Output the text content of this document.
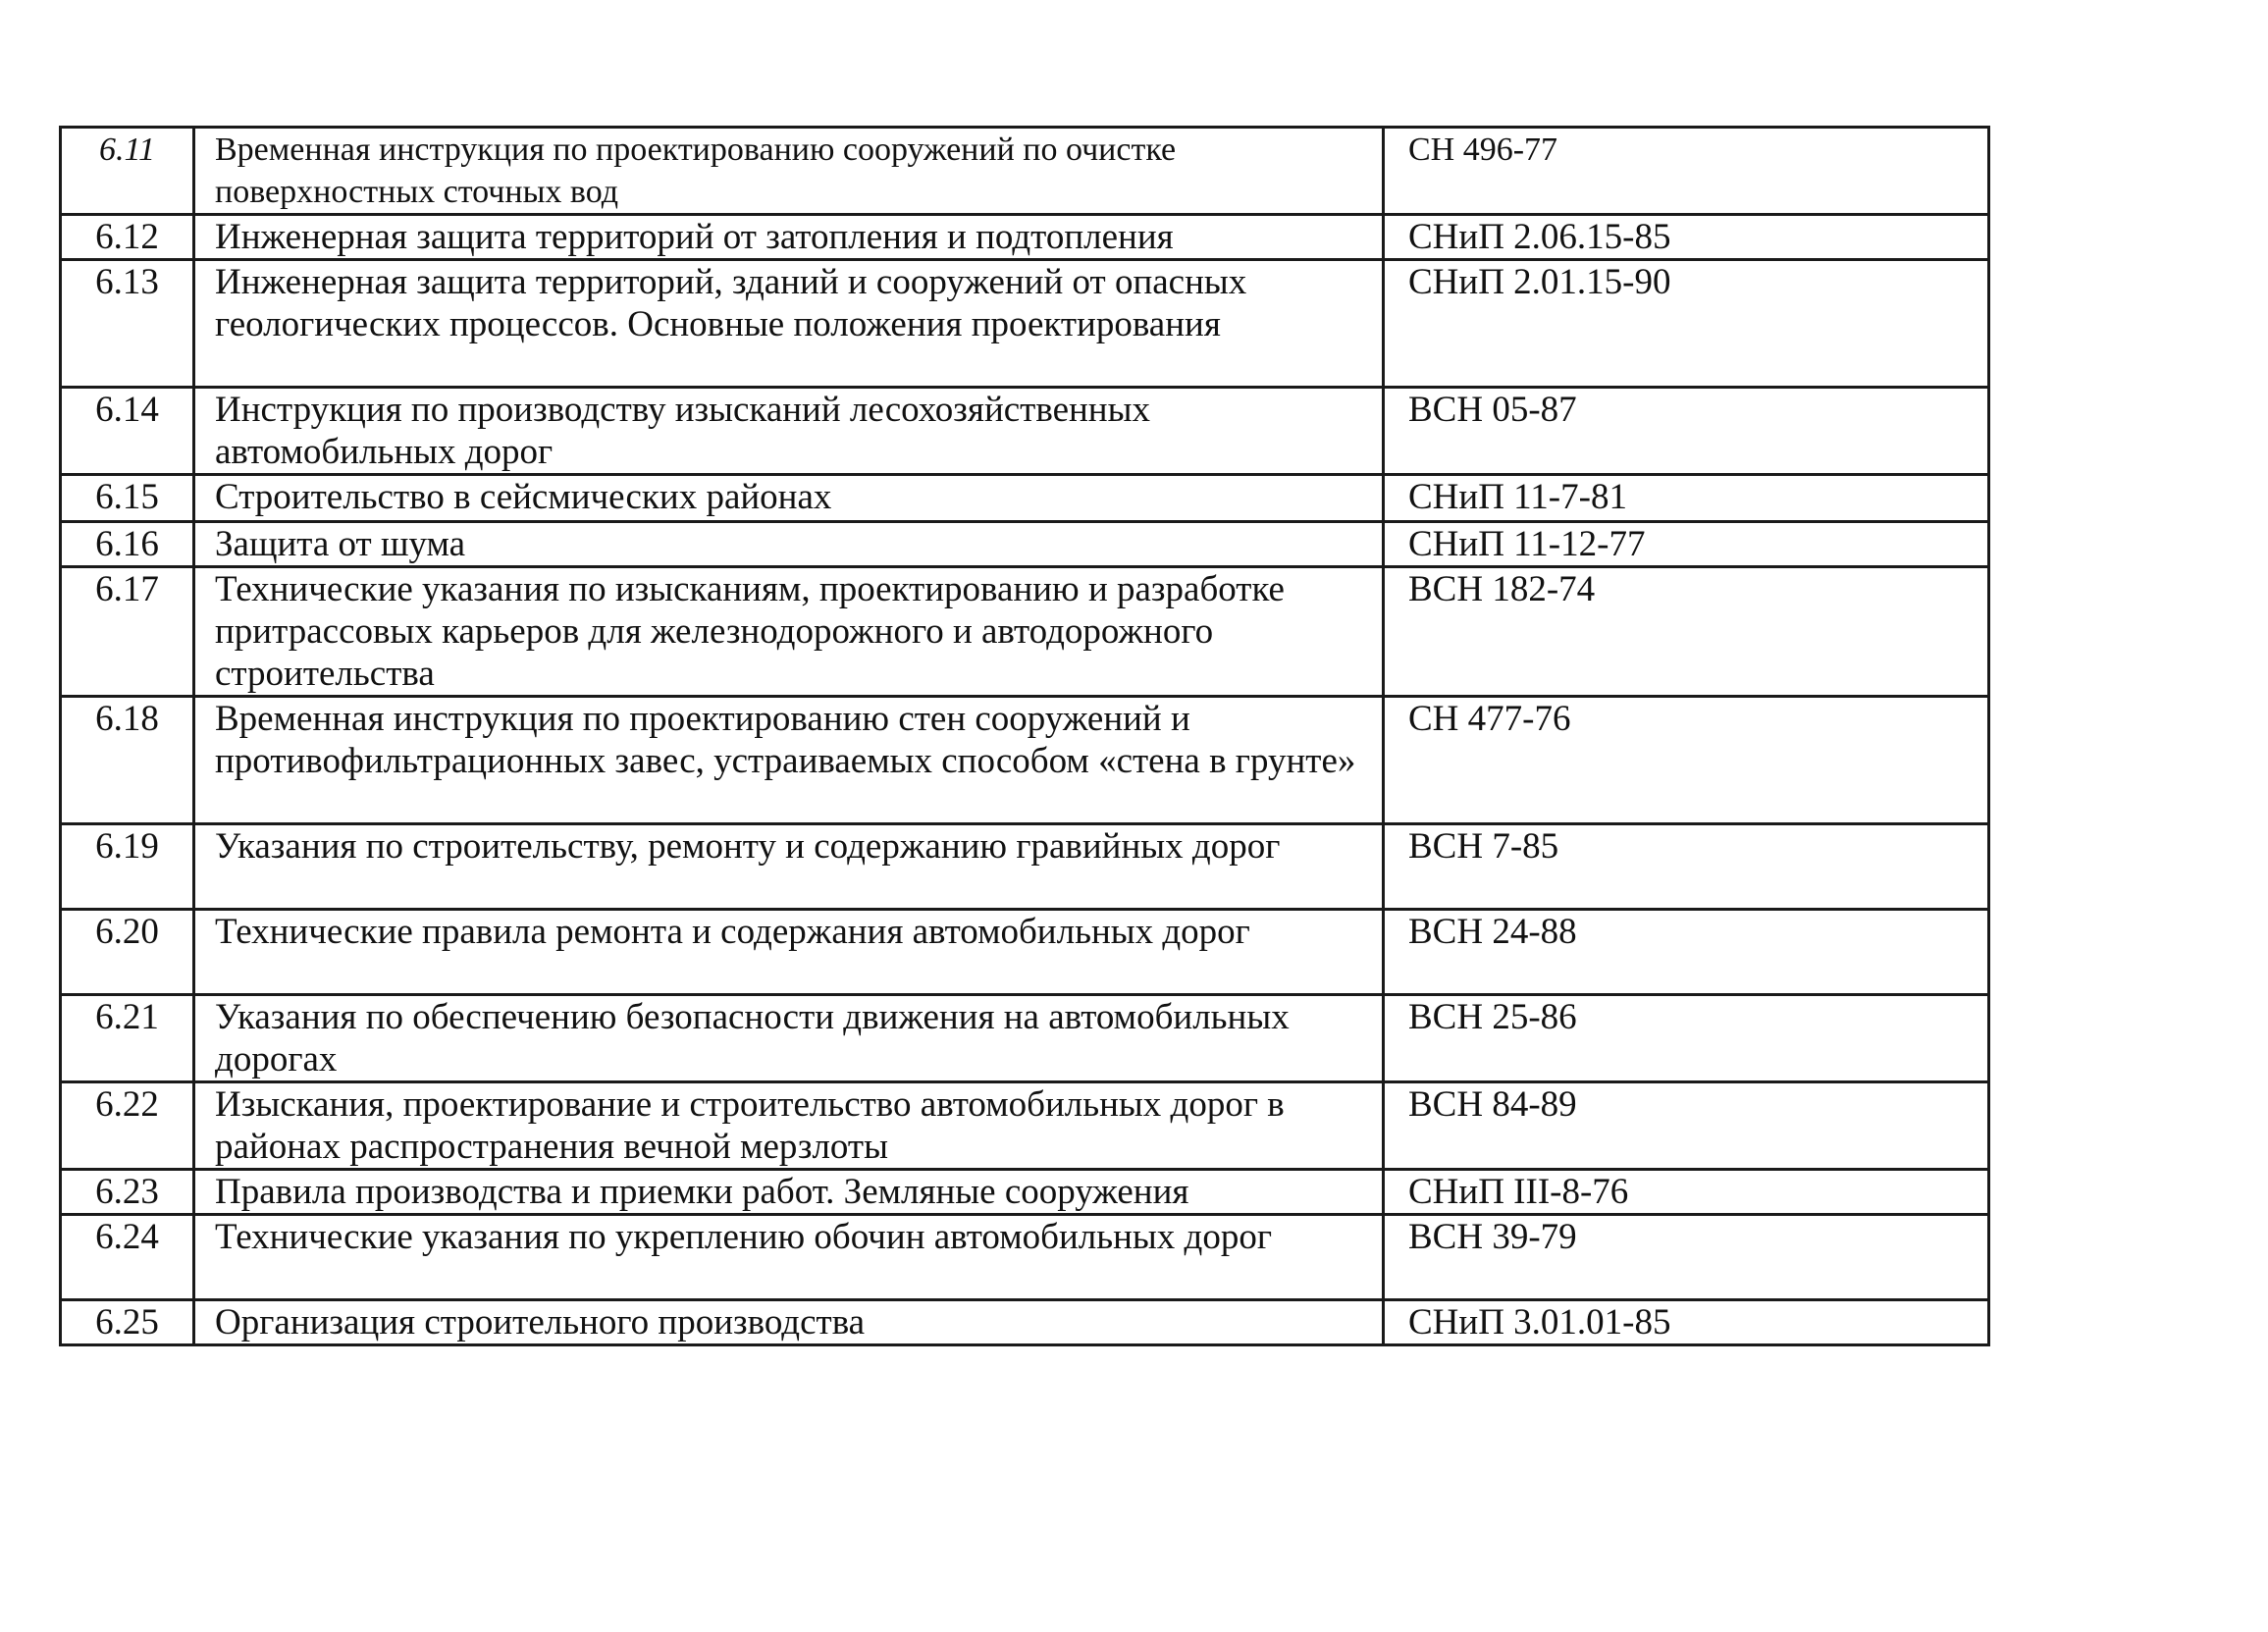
6.11	Временная инструкция по проектированию сооружений по очистке поверхностных сточных вод	СН 496-77
6.12	Инженерная защита территорий от затопления и подтопления	СНиП 2.06.15-85
6.13	Инженерная защита территорий, зданий и сооружений от опасных геологических процессов. Основные положения проектирования	СНиП 2.01.15-90
6.14	Инструкция по производству изысканий лесохозяйственных автомобильных дорог	ВСН 05-87
6.15	Строительство в сейсмических районах	СНиП 11-7-81
6.16	Защита от шума	СНиП 11-12-77
6.17	Технические указания по изысканиям, проектированию и разработке притрассовых карьеров для железнодорожного и автодорожного строительства	ВСН 182-74
6.18	Временная инструкция по проектированию стен сооружений и противофильтрационных завес, устраиваемых способом «стена в грунте»	СН 477-76
6.19	Указания по строительству, ремонту и содержанию гравийных дорог	ВСН 7-85
6.20	Технические правила ремонта и содержания автомобильных дорог	ВСН 24-88
6.21	Указания по обеспечению безопасности движения на автомобильных дорогах	ВСН 25-86
6.22	Изыскания, проектирование и строительство автомобильных дорог в районах распространения вечной мерзлоты	ВСН 84-89
6.23	Правила производства и приемки работ. Земляные сооружения	СНиП III-8-76
6.24	Технические указания по укреплению обочин автомобильных дорог	ВСН 39-79
6.25	Организация строительного производства	СНиП 3.01.01-85
